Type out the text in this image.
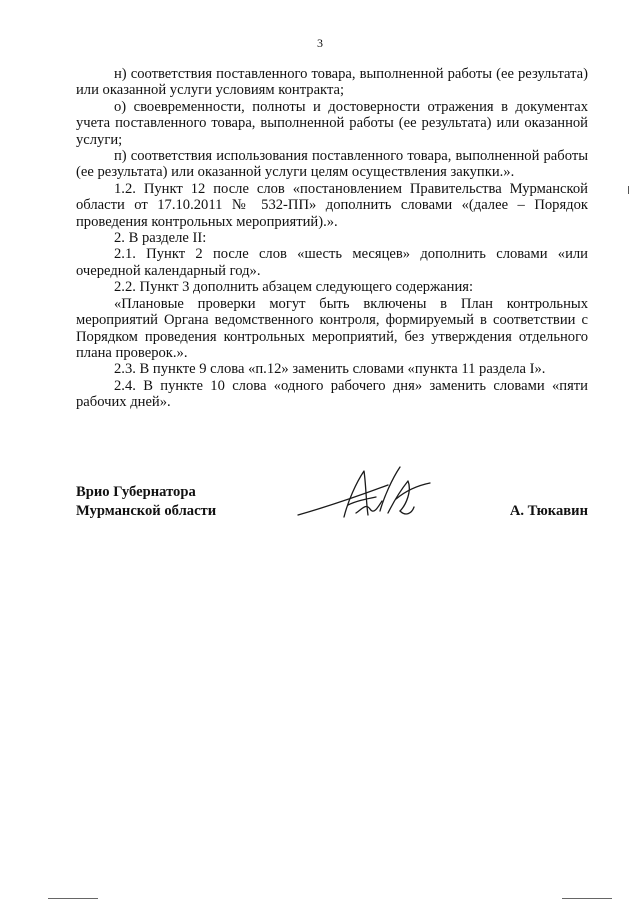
3

н) соответствия поставленного товара, выполненной работы (ее результата) или оказанной услуги условиям контракта;

о) своевременности, полноты и достоверности отражения в документах учета поставленного товара, выполненной работы (ее результата) или оказанной услуги;

п) соответствия использования поставленного товара, выполненной работы (ее результата) или оказанной услуги целям осуществления закупки.».

1.2. Пункт 12 после слов «постановлением Правительства Мурманской области от 17.10.2011 № 532-ПП» дополнить словами «(далее – Порядок проведения контрольных мероприятий).».

2. В разделе II:

2.1. Пункт 2 после слов «шесть месяцев» дополнить словами «или очередной календарный год».

2.2. Пункт 3 дополнить абзацем следующего содержания:

«Плановые проверки могут быть включены в План контрольных мероприятий Органа ведомственного контроля, формируемый в соответствии с Порядком проведения контрольных мероприятий, без утверждения отдельного плана проверок.».

2.3. В пункте 9 слова «п.12» заменить словами «пункта 11 раздела I».

2.4. В пункте 10 слова «одного рабочего дня» заменить словами «пяти рабочих дней».

Врио Губернатора
Мурманской области	А. Тюкавин
